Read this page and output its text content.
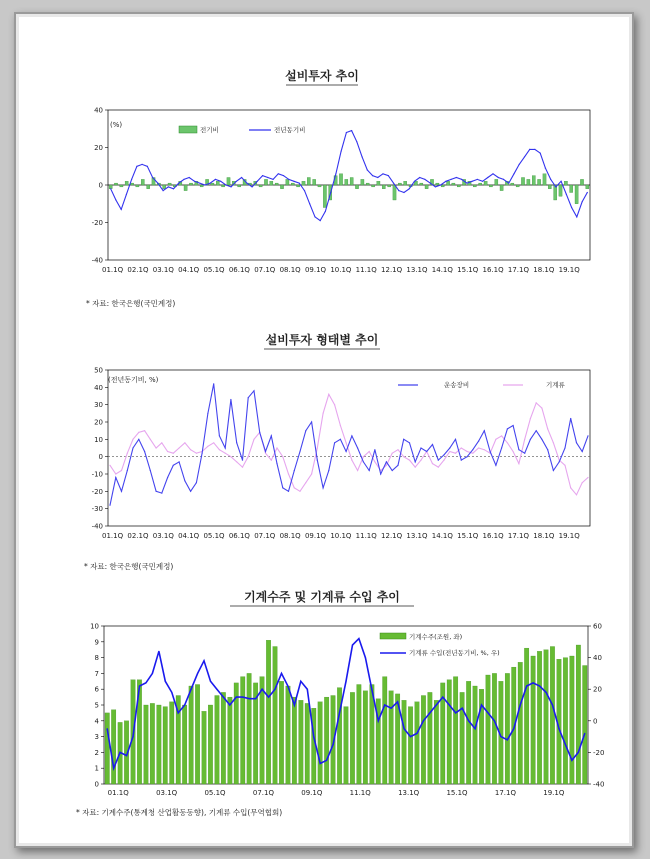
설비투자 추이
(%)
전기비	전년동기비
-40
-20
0
20
40
01.1Q 02.1Q 03.1Q 04.1Q 05.1Q 06.1Q 07.1Q 08.1Q 09.1Q 10.1Q 11.1Q 12.1Q 13.1Q 14.1Q 15.1Q 16.1Q 17.1Q 18.1Q 19.1Q
* 자료: 한국은행(국민계정)
설비투자 형태별 추이
(전년동기비, %)
운송장비	기계류
-40
-30
-20
-10
0
10
20
30
40
50
01.1Q 02.1Q 03.1Q 04.1Q 05.1Q 06.1Q 07.1Q 08.1Q 09.1Q 10.1Q 11.1Q 12.1Q 13.1Q 14.1Q 15.1Q 16.1Q 17.1Q 18.1Q 19.1Q
* 자료: 한국은행(국민계정)
기계수주 및 기계류 수입 추이
기계수주(조원, 좌)
기계류 수입(전년동기비, %, 우)
0
1
2
3
4
5
6
7
8
9
10
-40
-20
0
20
40
60
01.1Q	03.1Q	05.1Q	07.1Q	09.1Q	11.1Q	13.1Q	15.1Q	17.1Q	19.1Q
* 자료: 기계수주(통계청 산업활동동향), 기계류 수입(무역협회)
